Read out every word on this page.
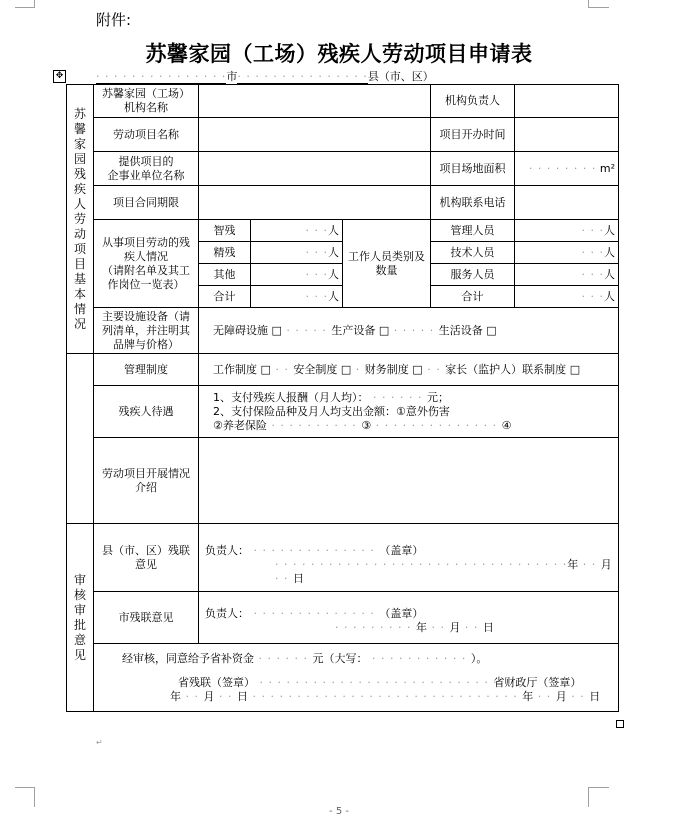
附件:
苏馨家园（工场）残疾人劳动项目申请表
· · · · · · · · · · · · · · ·市· · · · · · · · · · · · · · ·县（市、区）
✥
苏馨家园残疾人劳动项目基本情况	苏馨家园（工场）机构名称				机构负责人	
	劳动项目名称				项目开办时间	
	提供项目的
企事业单位名称				项目场地面积	· · · · · · · · m²
	项目合同期限				机构联系电话	
	从事项目劳动的残疾人情况
（请附名单及其工作岗位一览表）	智残	· · ·人	工作人员类别及数量	管理人员	· · ·人
		精残	· · ·人		技术人员	· · ·人
		其他	· · ·人		服务人员	· · ·人
		合计	· · ·人		合计	· · ·人
	主要设施设备（请列清单，并注明其品牌与价格）	无障碍设施 □ · · · · · 生产设备 □ · · · · · 生活设备 □				
	管理制度	工作制度 □ · · 安全制度 □ · 财务制度 □ · · 家长（监护人）联系制度 □				
	残疾人待遇	1、支付残疾人报酬（月人均）： · · · · · · 元；
2、支付保险品种及月人均支出金额：①意外伤害
②养老保险 · · · · · · · · · · ③ · · · · · · · · · · · · · · ④				

	劳动项目开展情况介绍					

审核审批意见	县（市、区）残联意见	负责人： · · · · · · · · · · · · · · （盖章）
· · · · · · · · · · · · · · · · · · · · · · · · · · · · · · · · ·年 · · 月 · · 日				

	市残联意见	负责人： · · · · · · · · · · · · · · （盖章）
· · · · · · · · · 年 · · 月 · · 日				

	经审核，同意给予省补资金 · · · · · · 元（大写： · · · · · · · · · · · ）。
省残联（签章） · · · · · · · · · · · · · · · · · · · · · · · · · · 省财政厅（签章）
年 · · 月 · · 日 · · · · · · · · · · · · · · · · · · · · · · · · · · · · · · 年 · · 月 · · 日					
↵
- 5 -
